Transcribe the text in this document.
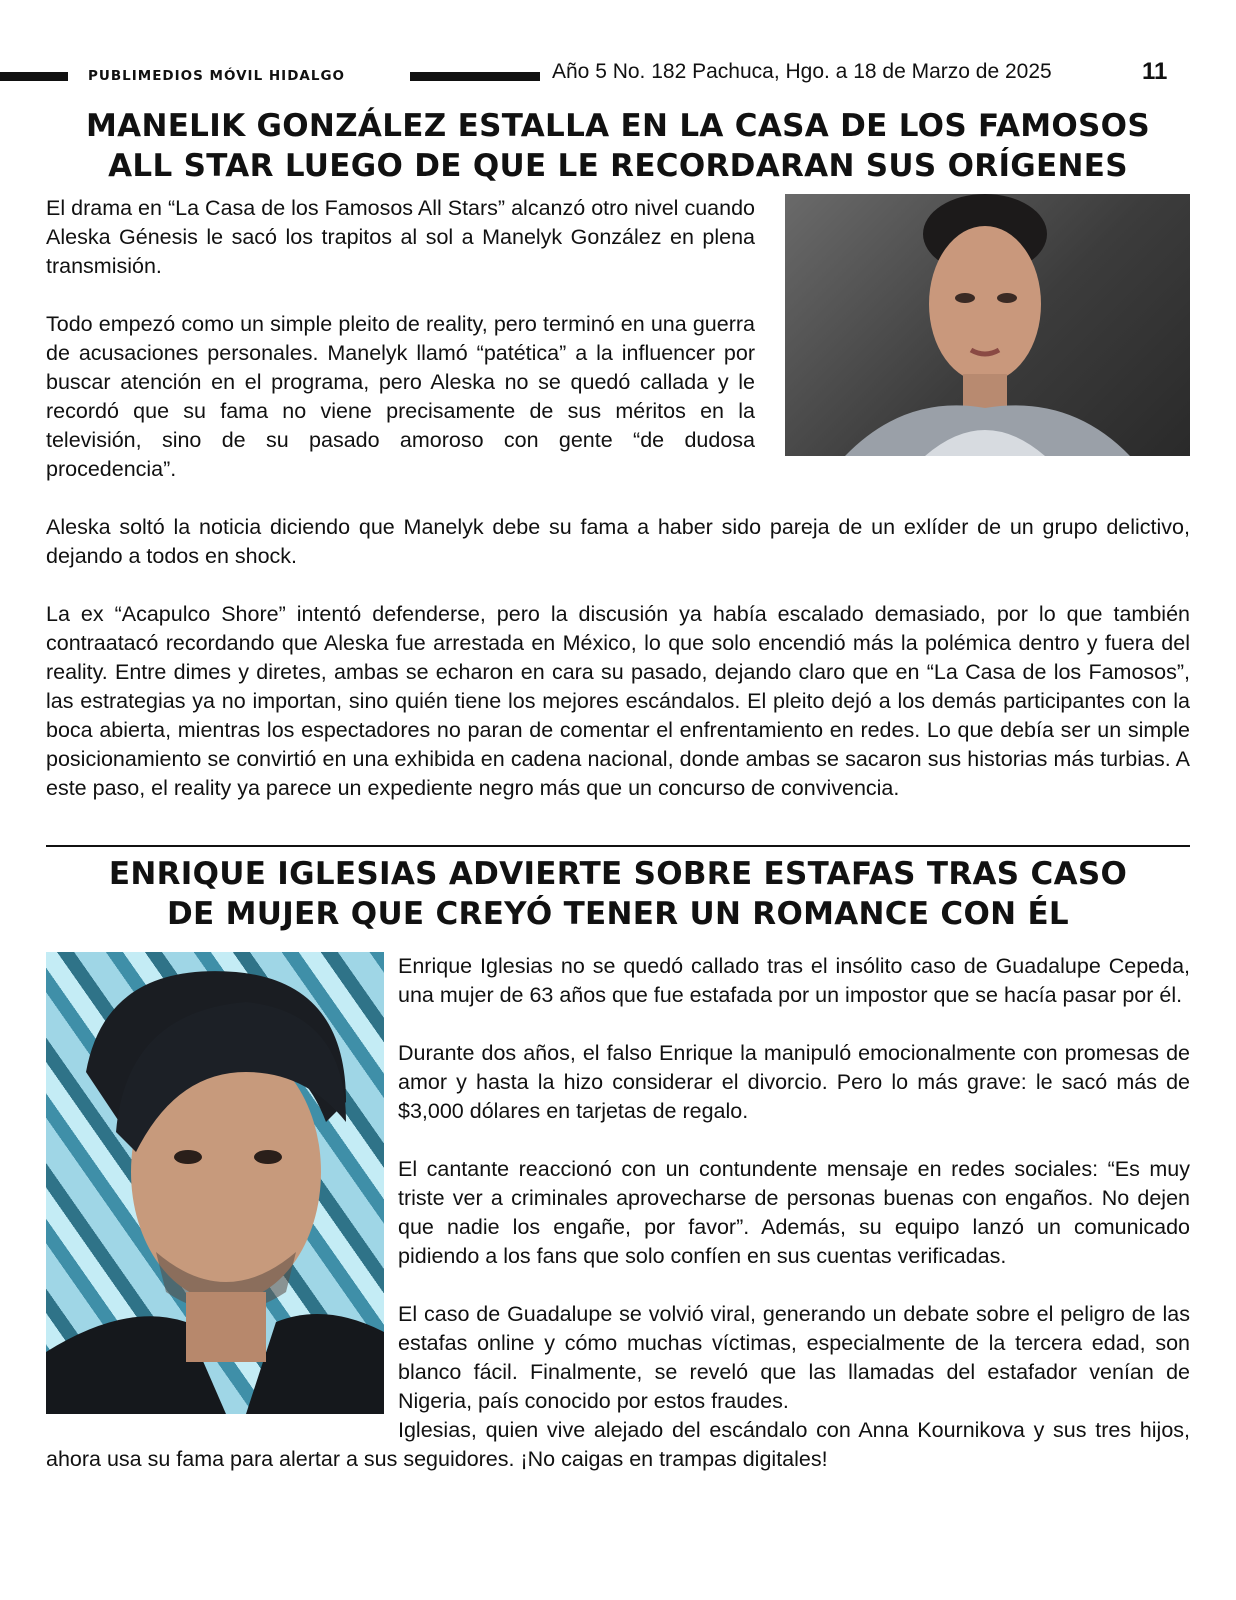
PUBLIMEDIOS MÓVIL HIDALGO	Año 5 No. 182 Pachuca, Hgo. a 18 de Marzo de 2025	11
MANELIK GONZÁLEZ ESTALLA EN LA CASA DE LOS FAMOSOS
ALL STAR LUEGO DE QUE LE RECORDARAN SUS ORÍGENES

El drama en “La Casa de los Famosos All Stars” alcanzó otro nivel cuando Aleska Génesis le sacó los trapitos al sol a Manelyk González en plena transmisión.

Todo empezó como un simple pleito de reality, pero terminó en una guerra de acusaciones personales. Manelyk llamó “patética” a la influencer por buscar atención en el programa, pero Aleska no se quedó callada y le recordó que su fama no viene precisamente de sus méritos en la televisión, sino de su pasado amoroso con gente “de dudosa procedencia”.

Aleska soltó la noticia diciendo que Manelyk debe su fama a haber sido pareja de un exlíder de un grupo delictivo, dejando a todos en shock.

La ex “Acapulco Shore” intentó defenderse, pero la discusión ya había escalado demasiado, por lo que también contraatacó recordando que Aleska fue arrestada en México, lo que solo encendió más la polémica dentro y fuera del reality. Entre dimes y diretes, ambas se echaron en cara su pasado, dejando claro que en “La Casa de los Famosos”, las estrategias ya no importan, sino quién tiene los mejores escándalos. El pleito dejó a los demás participantes con la boca abierta, mientras los espectadores no paran de comentar el enfrentamiento en redes. Lo que debía ser un simple posicionamiento se convirtió en una exhibida en cadena nacional, donde ambas se sacaron sus historias más turbias. A este paso, el reality ya parece un expediente negro más que un concurso de convivencia.

ENRIQUE IGLESIAS ADVIERTE SOBRE ESTAFAS TRAS CASO
DE MUJER QUE CREYÓ TENER UN ROMANCE CON ÉL

Enrique Iglesias no se quedó callado tras el insólito caso de Guadalupe Cepeda, una mujer de 63 años que fue estafada por un impostor que se hacía pasar por él.

Durante dos años, el falso Enrique la manipuló emocionalmente con promesas de amor y hasta la hizo considerar el divorcio. Pero lo más grave: le sacó más de $3,000 dólares en tarjetas de regalo.

El cantante reaccionó con un contundente mensaje en redes sociales: “Es muy triste ver a criminales aprovecharse de personas buenas con engaños. No dejen que nadie los engañe, por favor”. Además, su equipo lanzó un comunicado pidiendo a los fans que solo confíen en sus cuentas verificadas.

El caso de Guadalupe se volvió viral, generando un debate sobre el peligro de las estafas online y cómo muchas víctimas, especialmente de la tercera edad, son blanco fácil. Finalmente, se reveló que las llamadas del estafador venían de Nigeria, país conocido por estos fraudes.

Iglesias, quien vive alejado del escándalo con Anna Kournikova y sus tres hijos, ahora usa su fama para alertar a sus seguidores. ¡No caigas en trampas digitales!
